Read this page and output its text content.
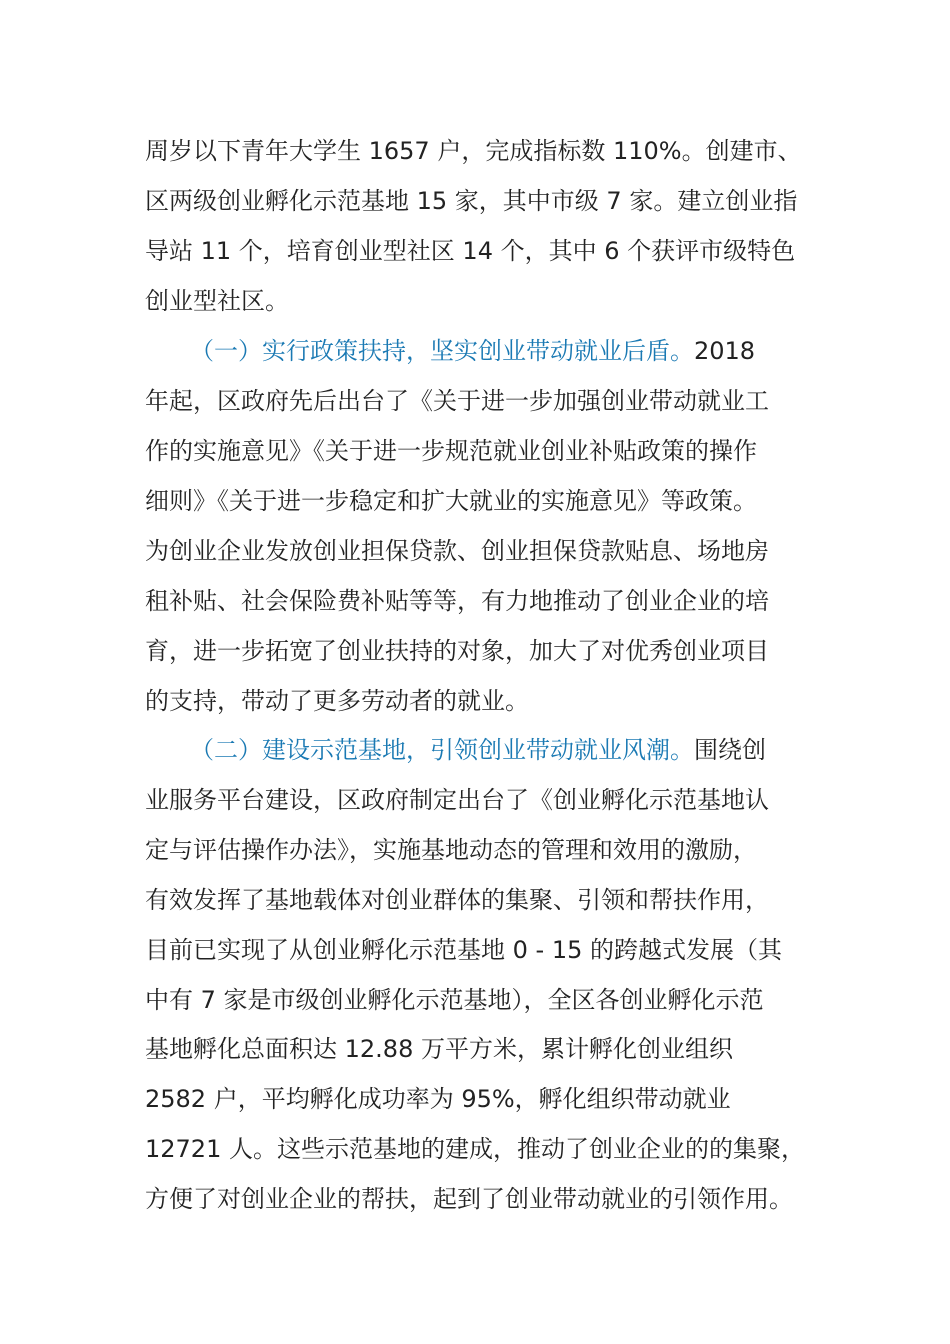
周岁以下青年大学生 1657 户，完成指标数 110%。创建市、
区两级创业孵化示范基地 15 家，其中市级 7 家。建立创业指
导站 11 个，培育创业型社区 14 个，其中 6 个获评市级特色
创业型社区。
（一）实行政策扶持，坚实创业带动就业后盾。2018
年起，区政府先后出台了《关于进一步加强创业带动就业工
作的实施意见》《关于进一步规范就业创业补贴政策的操作
细则》《关于进一步稳定和扩大就业的实施意见》等政策。
为创业企业发放创业担保贷款、创业担保贷款贴息、场地房
租补贴、社会保险费补贴等等，有力地推动了创业企业的培
育，进一步拓宽了创业扶持的对象，加大了对优秀创业项目
的支持，带动了更多劳动者的就业。
（二）建设示范基地，引领创业带动就业风潮。围绕创
业服务平台建设，区政府制定出台了《创业孵化示范基地认
定与评估操作办法》，实施基地动态的管理和效用的激励，
有效发挥了基地载体对创业群体的集聚、引领和帮扶作用，
目前已实现了从创业孵化示范基地 0 - 15 的跨越式发展（其
中有 7 家是市级创业孵化示范基地），全区各创业孵化示范
基地孵化总面积达 12.88 万平方米，累计孵化创业组织
2582 户，平均孵化成功率为 95%，孵化组织带动就业
12721 人。这些示范基地的建成，推动了创业企业的的集聚，
方便了对创业企业的帮扶，起到了创业带动就业的引领作用。
